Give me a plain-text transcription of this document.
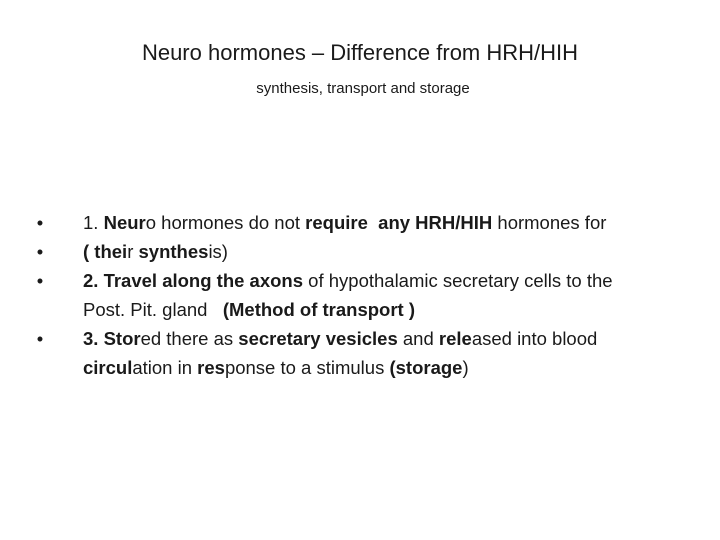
Neuro hormones – Difference from HRH/HIH
synthesis, transport and storage
•	1. Neuro hormones do not require any HRH/HIH hormones for
•	( their synthesis)
•	2. Travel along the axons of hypothalamic secretary cells to the
Post. Pit. gland   (Method of transport )
•	3. Stored there as secretary vesicles and released into blood
circulation in response to a stimulus (storage)
